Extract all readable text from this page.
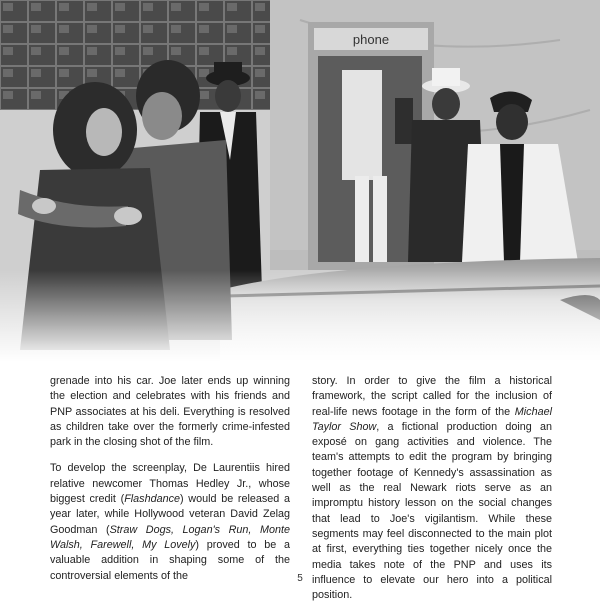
phone

grenade into his car. Joe later ends up winning the election and celebrates with his friends and PNP associates at his deli. Everything is resolved as children take over the formerly crime-infested park in the closing shot of the film.

To develop the screenplay, De Laurentiis hired relative newcomer Thomas Hedley Jr., whose biggest credit (Flashdance) would be released a year later, while Hollywood veteran David Zelag Goodman (Straw Dogs, Logan's Run, Monte Walsh, Farewell, My Lovely) proved to be a valuable addition in shaping some of the controversial elements of the

story. In order to give the film a historical framework, the script called for the inclusion of real-life news footage in the form of the Michael Taylor Show, a fictional production doing an exposé on gang activities and violence. The team's attempts to edit the program by bringing together footage of Kennedy's assassination as well as the real Newark riots serve as an impromptu history lesson on the social changes that lead to Joe's vigilantism. While these segments may feel disconnected to the main plot at first, everything ties together nicely once the media takes note of the PNP and uses its influence to elevate our hero into a political position.

5
